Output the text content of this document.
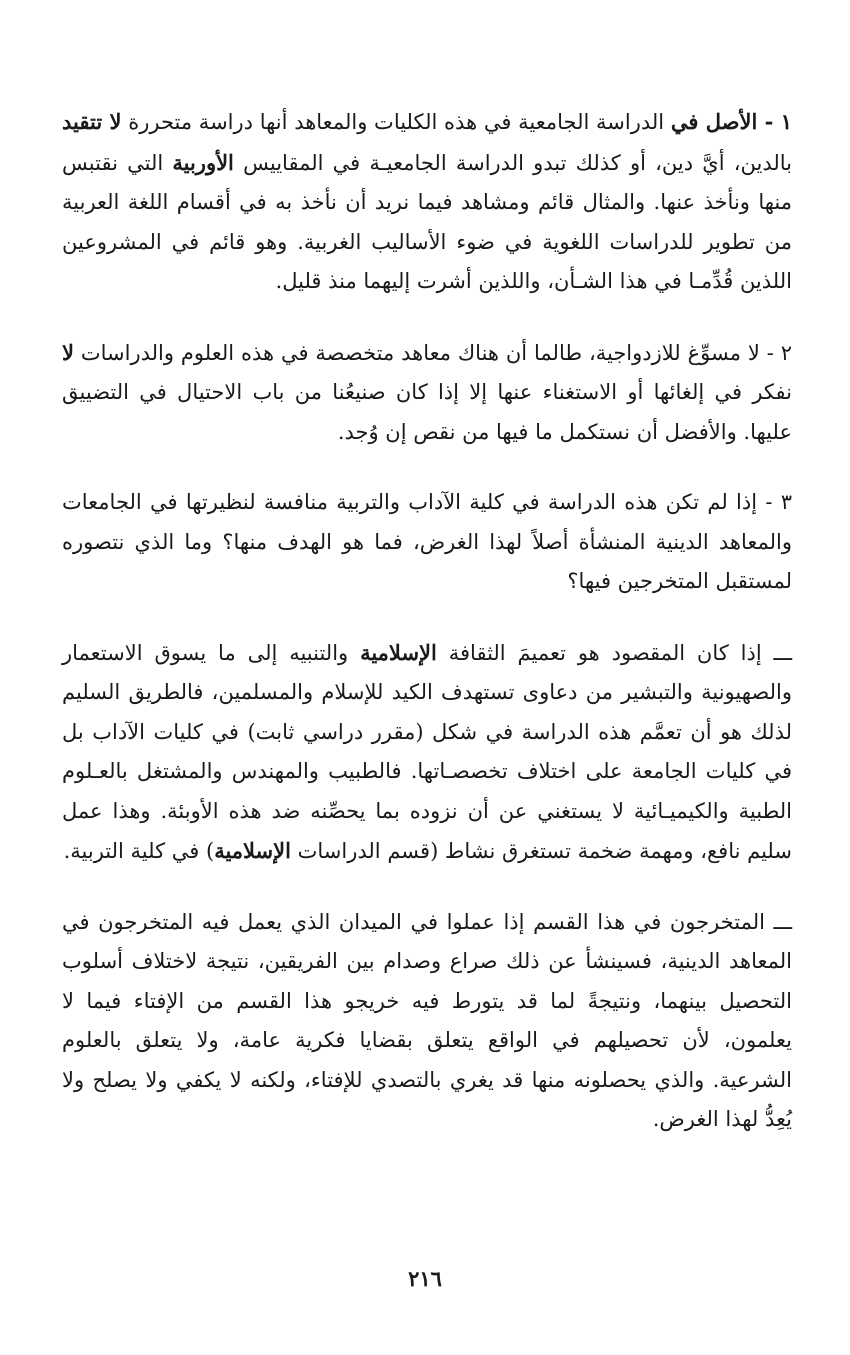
١ - الأصل في الدراسة الجامعية في هذه الكليات والمعاهد أنها دراسة متحررة لا تتقيد بالدين، أيَّ دين، أو كذلك تبدو الدراسة الجامعيـة في المقاييس الأوربية التي نقتبس منها ونأخذ عنها. والمثال قائم ومشاهد فيما نريد أن نأخذ به في أقسام اللغة العربية من تطوير للدراسات اللغوية في ضوء الأساليب الغربية. وهو قائم في المشروعين اللذين قُدِّمـا في هذا الشـأن، واللذين أشرت إليهما منذ قليل.

٢ - لا مسوِّغ للازدواجية، طالما أن هناك معاهد متخصصة في هذه العلوم والدراسات لا نفكر في إلغائها أو الاستغناء عنها إلا إذا كان صنيعُنا من باب الاحتيال في التضييق عليها. والأفضل أن نستكمل ما فيها من نقص إن وُجد.

٣ - إذا لم تكن هذه الدراسة في كلية الآداب والتربية منافسة لنظيرتها في الجامعات والمعاهد الدينية المنشأة أصلاً لهذا الغرض، فما هو الهدف منها؟ وما الذي نتصوره لمستقبل المتخرجين فيها؟

ـــ إذا كان المقصود هو تعميمَ الثقافة الإسلامية والتنبيه إلى ما يسوق الاستعمار والصهيونية والتبشير من دعاوى تستهدف الكيد للإسلام والمسلمين، فالطريق السليم لذلك هو أن تعمَّم هذه الدراسة في شكل (مقرر دراسي ثابت) في كليات الآداب بل في كليات الجامعة على اختلاف تخصصـاتها. فالطبيب والمهندس والمشتغل بالعـلوم الطبية والكيميـائية لا يستغني عن أن نزوده بما يحصِّنه ضد هذه الأوبئة. وهذا عمل سليم نافع، ومهمة ضخمة تستغرق نشاط (قسم الدراسات الإسلامية) في كلية التربية.

ـــ المتخرجون في هذا القسم إذا عملوا في الميدان الذي يعمل فيه المتخرجون في المعاهد الدينية، فسينشأ عن ذلك صراع وصدام بين الفريقين، نتيجة لاختلاف أسلوب التحصيل بينهما، ونتيجةً لما قد يتورط فيه خريجو هذا القسم من الإفتاء فيما لا يعلمون، لأن تحصيلهم في الواقع يتعلق بقضايا فكرية عامة، ولا يتعلق بالعلوم الشرعية. والذي يحصلونه منها قد يغري بالتصدي للإفتاء، ولكنه لا يكفي ولا يصلح ولا يُعِدُّ لهذا الغرض.

٢١٦
